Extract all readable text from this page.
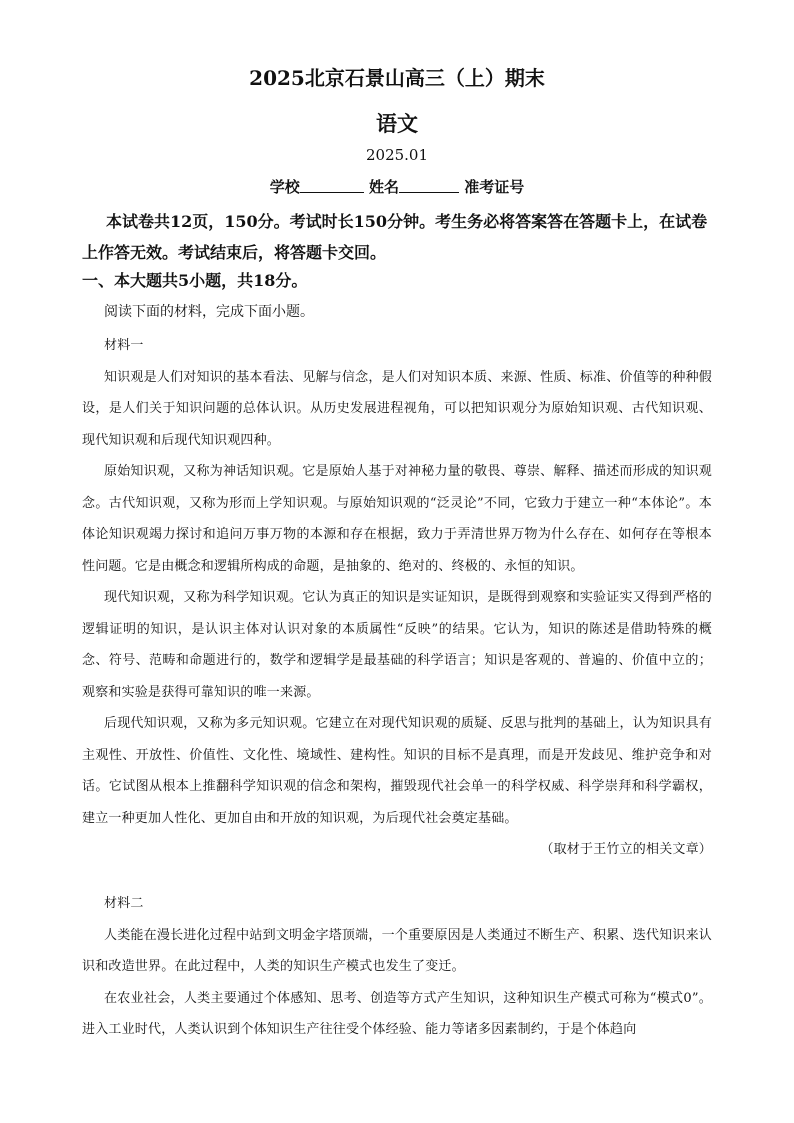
2025北京石景山高三（上）期末
语文
2025.01
学校	姓名	准考证号

本试卷共12页，150分。考试时长150分钟。考生务必将答案答在答题卡上，在试卷上作答无效。考试结束后，将答题卡交回。

一、本大题共5小题，共18分。

阅读下面的材料，完成下面小题。

材料一

知识观是人们对知识的基本看法、见解与信念，是人们对知识本质、来源、性质、标准、价值等的种种假设，是人们关于知识问题的总体认识。从历史发展进程视角，可以把知识观分为原始知识观、古代知识观、现代知识观和后现代知识观四种。

原始知识观，又称为神话知识观。它是原始人基于对神秘力量的敬畏、尊崇、解释、描述而形成的知识观念。古代知识观，又称为形而上学知识观。与原始知识观的“泛灵论”不同，它致力于建立一种“本体论”。本体论知识观竭力探讨和追问万事万物的本源和存在根据，致力于弄清世界万物为什么存在、如何存在等根本性问题。它是由概念和逻辑所构成的命题，是抽象的、绝对的、终极的、永恒的知识。

现代知识观，又称为科学知识观。它认为真正的知识是实证知识，是既得到观察和实验证实又得到严格的逻辑证明的知识，是认识主体对认识对象的本质属性“反映”的结果。它认为，知识的陈述是借助特殊的概念、符号、范畴和命题进行的，数学和逻辑学是最基础的科学语言；知识是客观的、普遍的、价值中立的；观察和实验是获得可靠知识的唯一来源。

后现代知识观，又称为多元知识观。它建立在对现代知识观的质疑、反思与批判的基础上，认为知识具有主观性、开放性、价值性、文化性、境域性、建构性。知识的目标不是真理，而是开发歧见、维护竞争和对话。它试图从根本上推翻科学知识观的信念和架构，摧毁现代社会单一的科学权威、科学崇拜和科学霸权，建立一种更加人性化、更加自由和开放的知识观，为后现代社会奠定基础。

（取材于王竹立的相关文章）

材料二

人类能在漫长进化过程中站到文明金字塔顶端，一个重要原因是人类通过不断生产、积累、迭代知识来认识和改造世界。在此过程中，人类的知识生产模式也发生了变迁。

在农业社会，人类主要通过个体感知、思考、创造等方式产生知识，这种知识生产模式可称为“模式0”。进入工业时代，人类认识到个体知识生产往往受个体经验、能力等诸多因素制约，于是个体趋向
